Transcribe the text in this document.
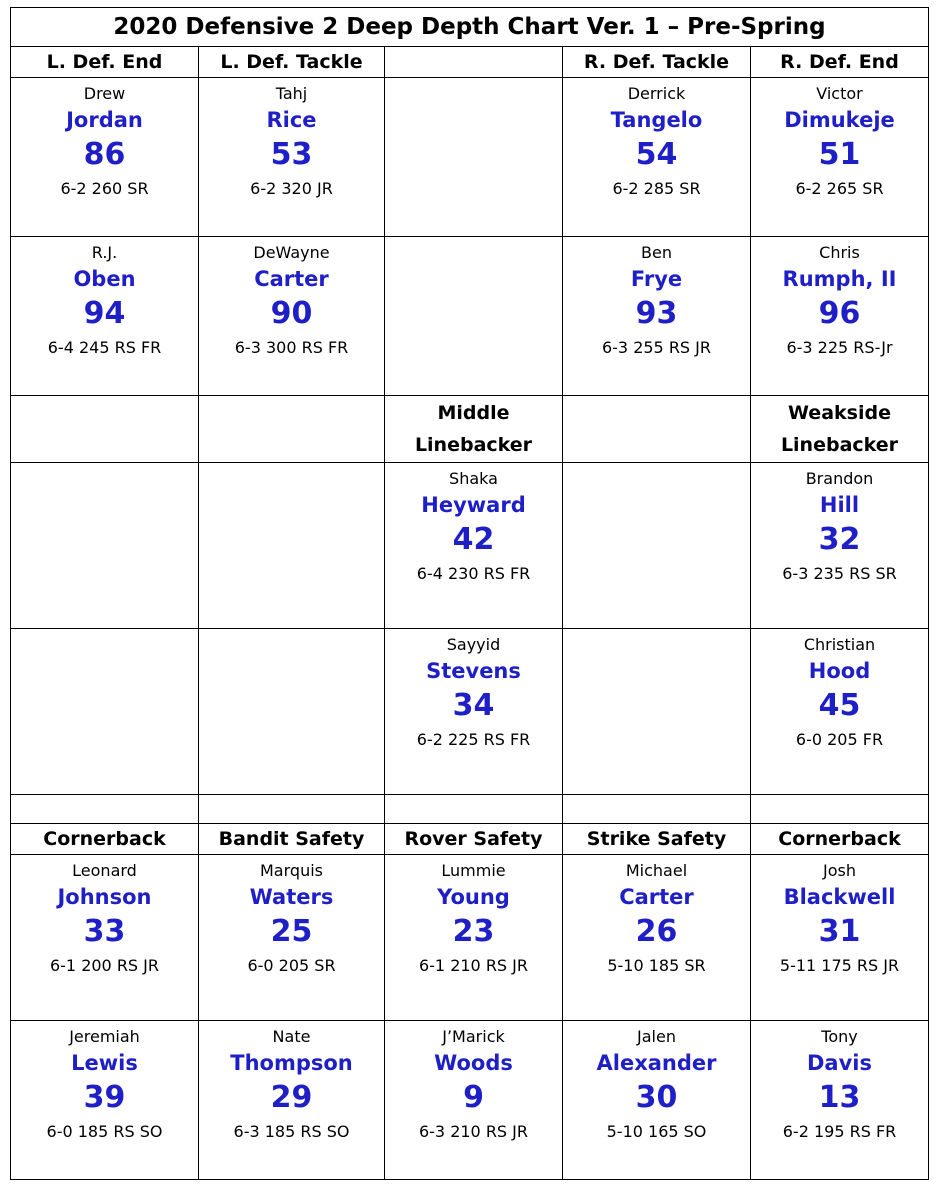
2020 Defensive 2 Deep Depth Chart Ver. 1 – Pre-Spring				
L. Def. End	L. Def. Tackle		R. Def. Tackle	R. Def. End

Drew
Jordan
86
6-2 260 SR	Tahj
Rice
53
6-2 320 JR		Derrick
Tangelo
54
6-2 285 SR	Victor
Dimukeje
51
6-2 265 SR

R.J.
Oben
94
6-4 245 RS FR	DeWayne
Carter
90
6-3 300 RS FR		Ben
Frye
93
6-3 255 RS JR	Chris
Rumph, II
96
6-3 225 RS-Jr

		Middle
Linebacker		Weakside
Linebacker

		Shaka
Heyward
42
6-4 230 RS FR		Brandon
Hill
32
6-3 235 RS SR

		Sayyid
Stevens
34
6-2 225 RS FR		Christian
Hood
45
6-0 205 FR

Cornerback	Bandit Safety	Rover Safety	Strike Safety	Cornerback

Leonard
Johnson
33
6-1 200 RS JR	Marquis
Waters
25
6-0 205 SR	Lummie
Young
23
6-1 210 RS JR	Michael
Carter
26
5-10 185 SR	Josh
Blackwell
31
5-11 175 RS JR

Jeremiah
Lewis
39
6-0 185 RS SO	Nate
Thompson
29
6-3 185 RS SO	J’Marick
Woods
9
6-3 210 RS JR	Jalen
Alexander
30
5-10 165 SO	Tony
Davis
13
6-2 195 RS FR
